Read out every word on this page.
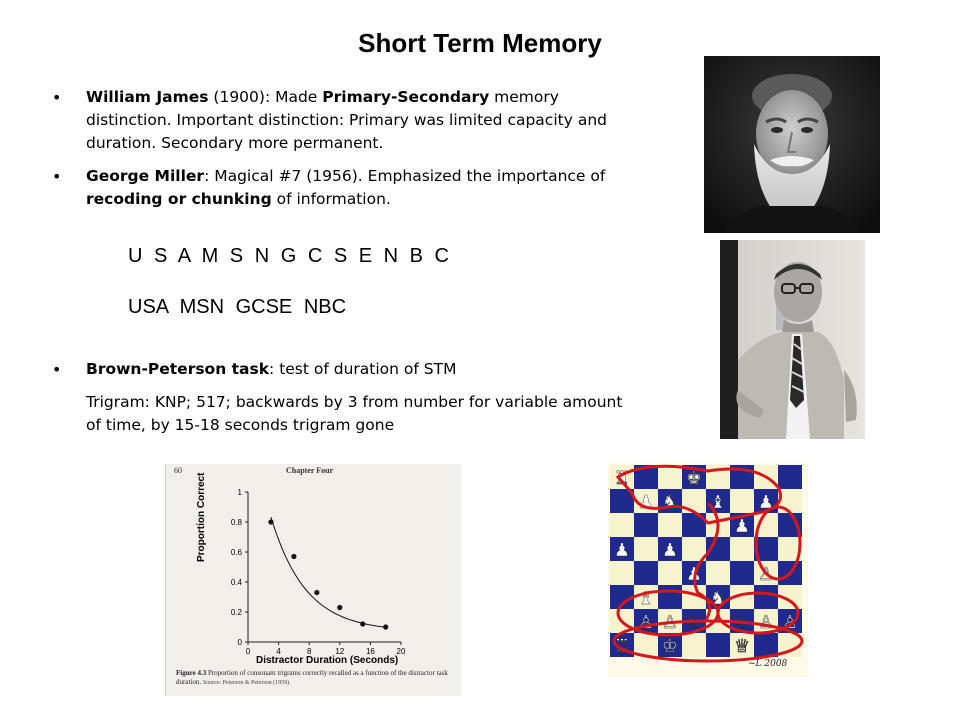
Short Term Memory
• William James (1900): Made Primary-Secondary memory distinction. Important distinction: Primary was limited capacity and duration. Secondary more permanent.
• George Miller: Magical #7 (1956). Emphasized the importance of recoding or chunking of information.
U S A M S N G C S E N B C
USA MSN GCSE NBC
• Brown-Peterson task: test of duration of STM
Trigram: KNP; 517; backwards by 3 from number for variable amount of time, by 15-18 seconds trigram gone
60	Chapter Four
0	4	8	12	16	20
0
0.2
0.4
0.6
0.8
1
Proportion Correct
Distractor Duration (Seconds)
Figure 4.3 Proportion of consonant trigrams correctly recalled as a function of the distractor task duration. Source: Peterson & Peterson (1959).
♜
♟ ♞
♚
♝
♟
♟
♟ ♟
♟
♝	♞
♙ ♘ ♘ ♙
♖ ♔	♕
♙
♙
♙
~L 2008
